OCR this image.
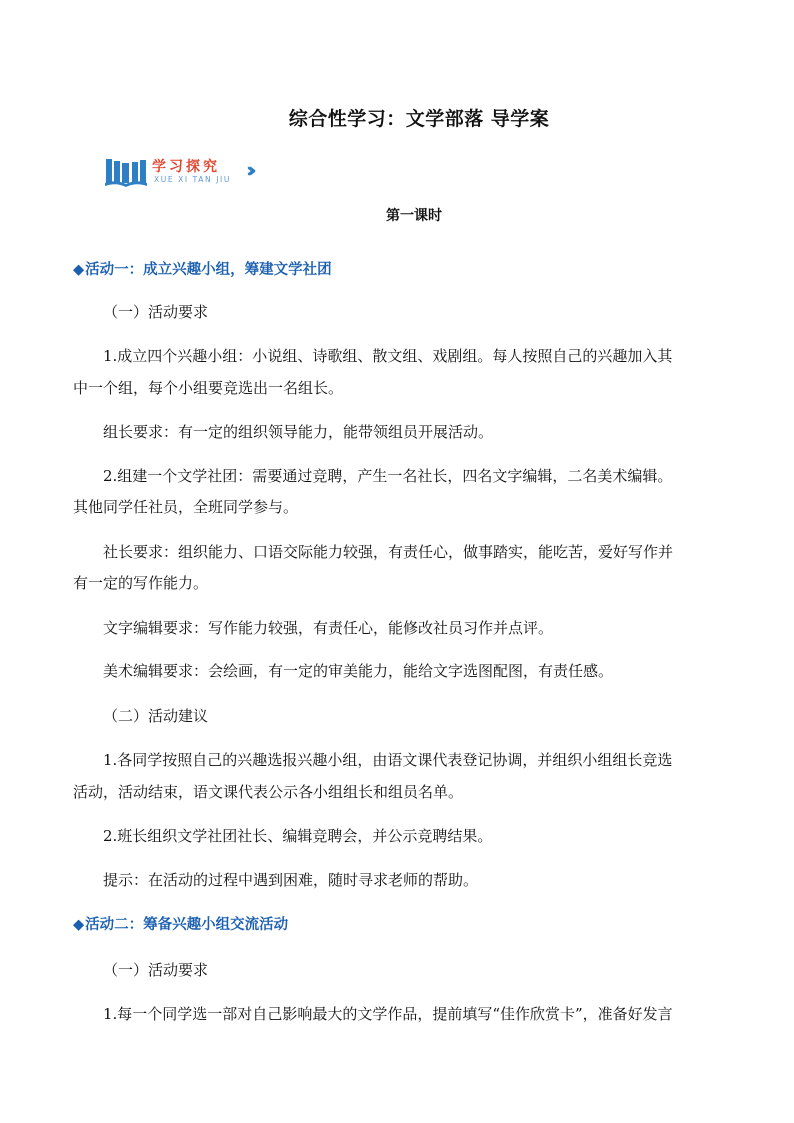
综合性学习：文学部落 导学案
学习探究
XUE XI TAN JIU ›››
第一课时
◆活动一：成立兴趣小组，筹建文学社团
（一）活动要求
1.成立四个兴趣小组：小说组、诗歌组、散文组、戏剧组。每人按照自己的兴趣加入其
中一个组，每个小组要竞选出一名组长。
组长要求：有一定的组织领导能力，能带领组员开展活动。
2.组建一个文学社团：需要通过竞聘，产生一名社长，四名文字编辑，二名美术编辑。
其他同学任社员，全班同学参与。
社长要求：组织能力、口语交际能力较强，有责任心，做事踏实，能吃苦，爱好写作并
有一定的写作能力。
文字编辑要求：写作能力较强，有责任心，能修改社员习作并点评。
美术编辑要求：会绘画，有一定的审美能力，能给文字选图配图，有责任感。
（二）活动建议
1.各同学按照自己的兴趣选报兴趣小组，由语文课代表登记协调，并组织小组组长竞选
活动，活动结束，语文课代表公示各小组组长和组员名单。
2.班长组织文学社团社长、编辑竞聘会，并公示竞聘结果。
提示：在活动的过程中遇到困难，随时寻求老师的帮助。
◆活动二：筹备兴趣小组交流活动
（一）活动要求
1.每一个同学选一部对自己影响最大的文学作品，提前填写“佳作欣赏卡”，准备好发言
